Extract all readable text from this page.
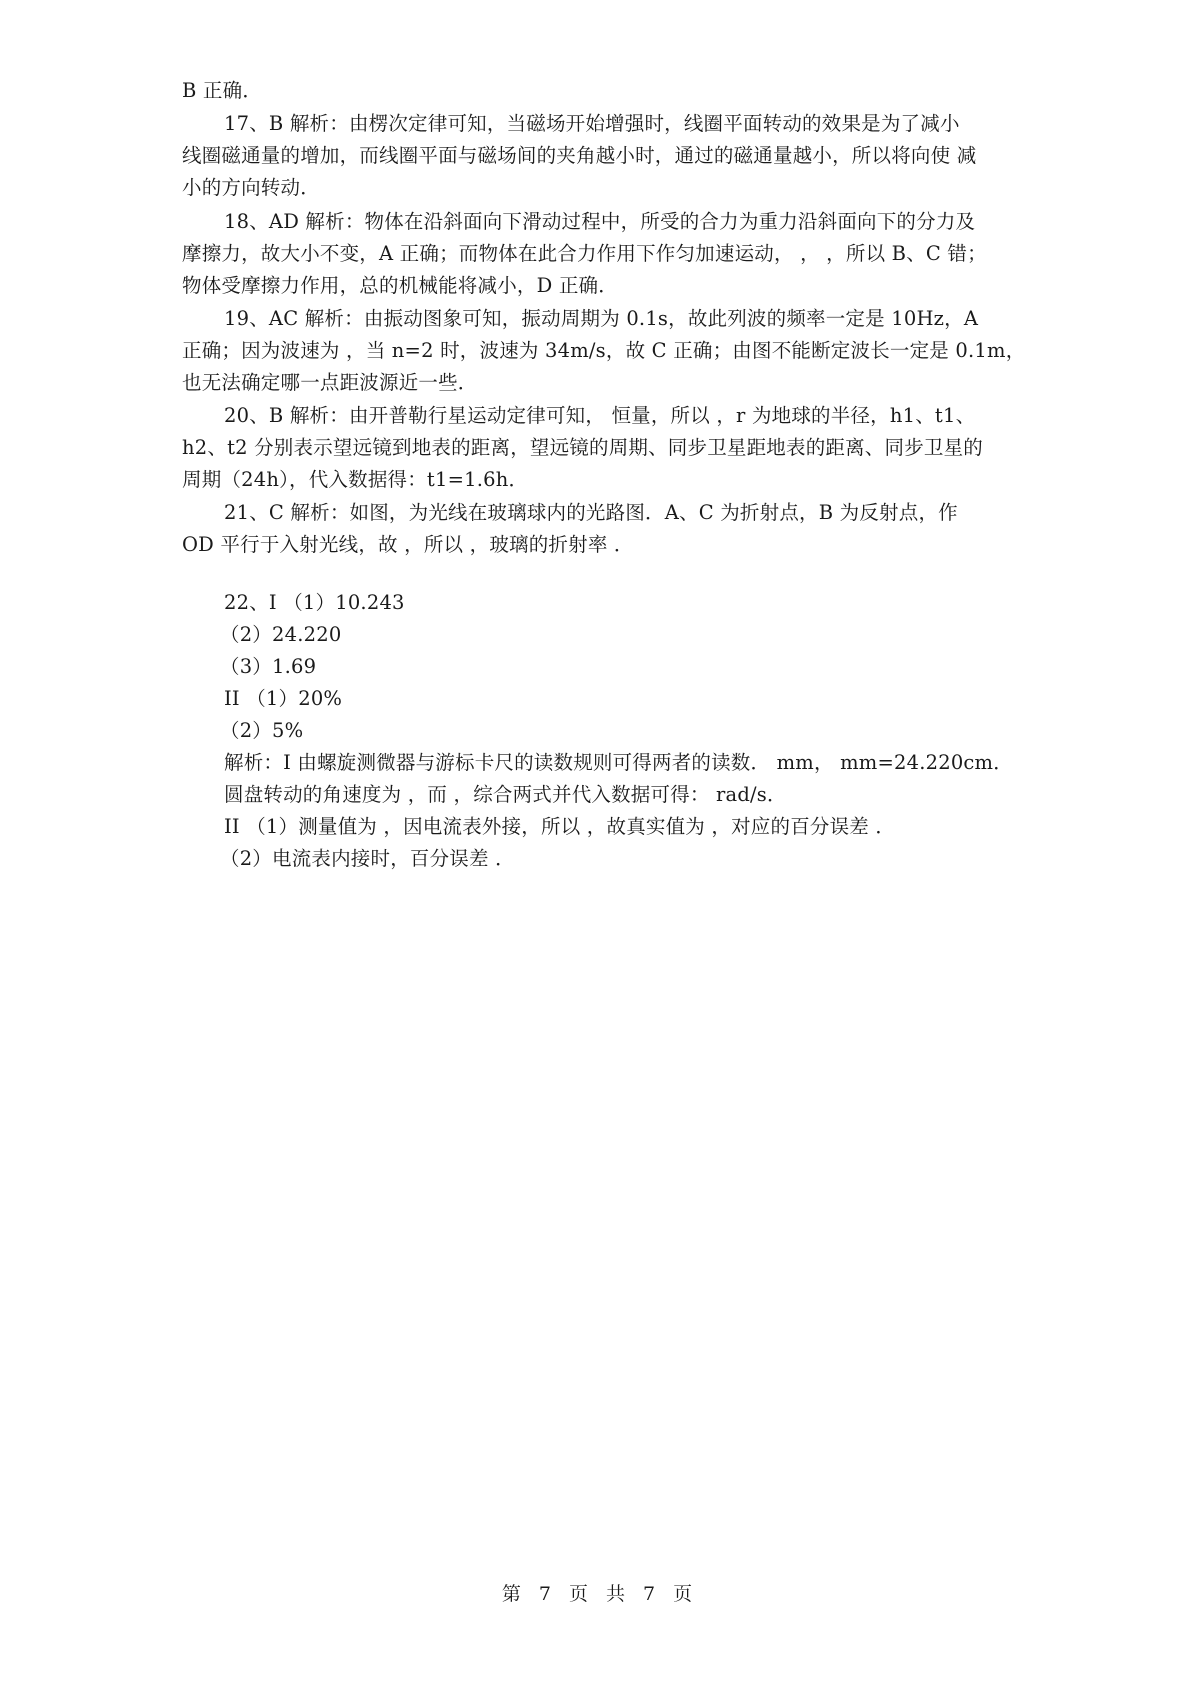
B 正确．
17、B 解析：由楞次定律可知，当磁场开始增强时，线圈平面转动的效果是为了减小
线圈磁通量的增加，而线圈平面与磁场间的夹角越小时，通过的磁通量越小，所以将向使 减
小的方向转动．
18、AD 解析：物体在沿斜面向下滑动过程中，所受的合力为重力沿斜面向下的分力及
摩擦力，故大小不变，A 正确；而物体在此合力作用下作匀加速运动， ， ，所以 B、C 错；
物体受摩擦力作用，总的机械能将减小，D 正确．
19、AC 解析：由振动图象可知，振动周期为 0.1s，故此列波的频率一定是 10Hz，A
正确；因为波速为 ，当 n=2 时，波速为 34m/s，故 C 正确；由图不能断定波长一定是 0.1m，
也无法确定哪一点距波源近一些．
20、B 解析：由开普勒行星运动定律可知， 恒量，所以 ，r 为地球的半径，h1、t1、
h2、t2 分别表示望远镜到地表的距离，望远镜的周期、同步卫星距地表的距离、同步卫星的
周期（24h），代入数据得：t1=1.6h．
21、C 解析：如图，为光线在玻璃球内的光路图．A、C 为折射点，B 为反射点，作
OD 平行于入射光线，故 ，所以 ，玻璃的折射率 ．
22、I （1）10.243
（2）24.220
（3）1.69
II （1）20%
（2）5%
解析：I 由螺旋测微器与游标卡尺的读数规则可得两者的读数． mm， mm=24.220cm．
圆盘转动的角速度为 ，而 ，综合两式并代入数据可得： rad/s．
II （1）测量值为 ，因电流表外接，所以 ，故真实值为 ，对应的百分误差 ．
（2）电流表内接时，百分误差 ．
第 7 页 共 7 页
